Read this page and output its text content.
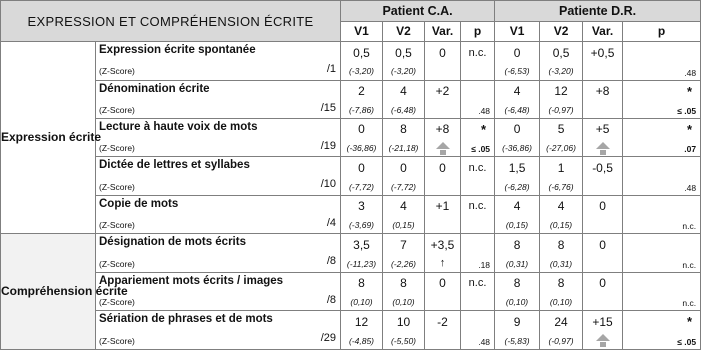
EXPRESSION ET COMPRÉHENSION ÉCRITE		Patient C.A.				Patiente D.R.			
		V1	V2	Var.	p	V1	V2	Var.	p
Expression écrite	Expression écrite spontanée
/1	0,5	0,5	0	n.c.	0	0,5	+0,5	

	(Z-Score)	(-3,20)	(-3,20)			(-6,53)	(-3,20)		.48

	Dénomination écrite
/15	2	4	+2		4	12	+8	*

	(Z-Score)	(-7,86)	(-6,48)		.48	(-6,48)	(-0,97)		≤ .05

	Lecture à haute voix de mots
/19	0	8	+8	*	0	5	+5	*

	(Z-Score)	(-36,86)	(-21,18)		≤ .05	(-36,86)	(-27,06)		.07

	Dictée de lettres et syllabes
/10	0	0	0	n.c.	1,5	1	-0,5	

	(Z-Score)	(-7,72)	(-7,72)			(-6,28)	(-6,76)		.48

	Copie de mots
/4	3	4	+1	n.c.	4	4	0	

	(Z-Score)	(-3,69)	(0,15)			(0,15)	(0,15)		n.c.
Compréhension écrite	Désignation de mots écrits
/8	3,5	7	+3,5		8	8	0	

	(Z-Score)	(-11,23)	(-2,26)	↑	.18	(0,31)	(0,31)		n.c.

	Appariement mots écrits / images
/8	8	8	0	n.c.	8	8	0	

	(Z-Score)	(0,10)	(0,10)			(0,10)	(0,10)		n.c.

	Sériation de phrases et de mots
/29	12	10	-2		9	24	+15	*

	(Z-Score)	(-4,85)	(-5,50)		.48	(-5,83)	(-0,97)		≤ .05
